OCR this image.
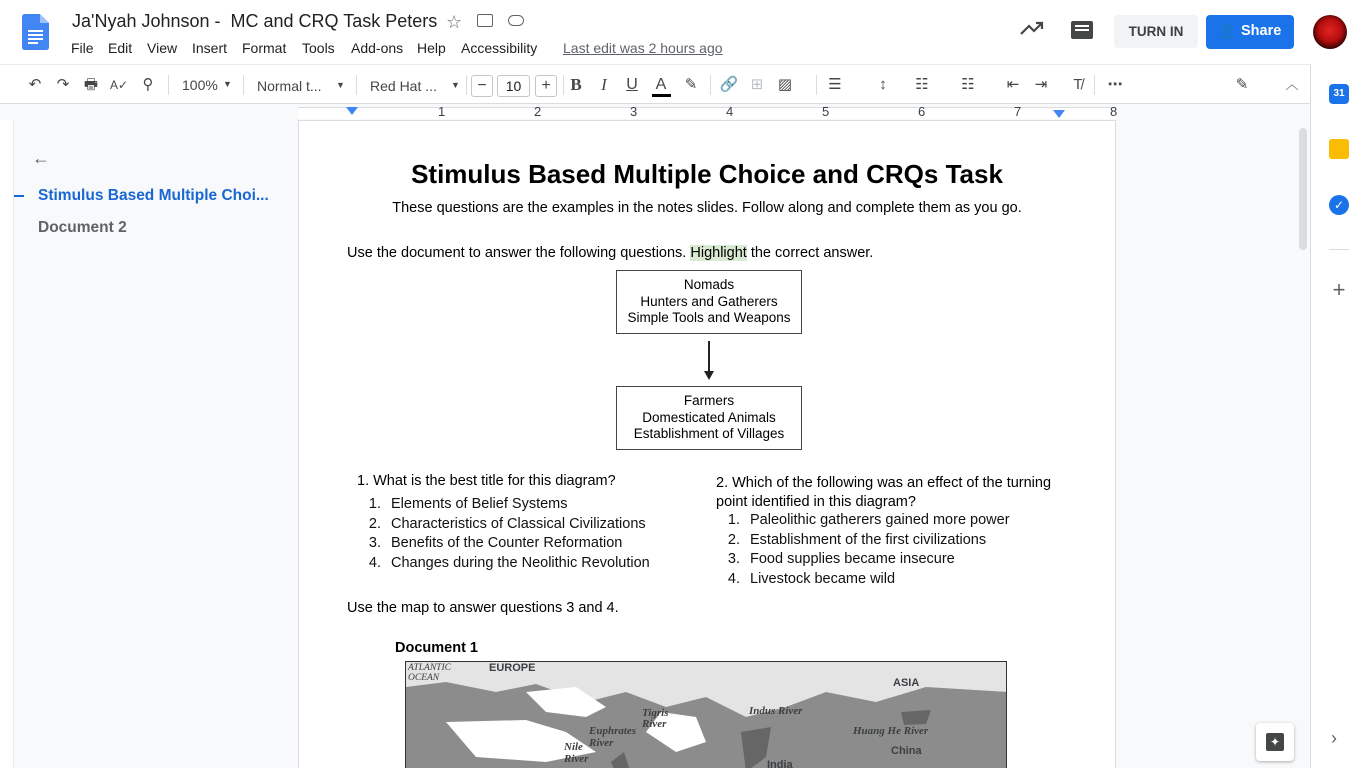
Ja'Nyah Johnson -  MC and CRQ Task Peters ☆
File Edit View Insert Format Tools Add-ons Help Accessibility Last edit was 2 hours ago
TURN IN	👤 Share
↶ ↷ 🖶 A✓ ⚲	100% ▼ Normal t... ▼ Red Hat ... ▼	−	10	+	B	I	U A	✎ 🔗 ⊞ ▨ ☰	↕	☷ ☷ ⇤ ⇥	T̸	⋯	✎	︿
1	2	3	4	5	6	7	8
←
Stimulus Based Multiple Choi...
Document 2
Stimulus Based Multiple Choice and CRQs Task
These questions are the examples in the notes slides. Follow along and complete them as you go.
Use the document to answer the following questions. Highlight the correct answer.
Nomads
Hunters and Gatherers
Simple Tools and Weapons
Farmers
Domesticated Animals
Establishment of Villages
1. What is the best title for this diagram?
1. Elements of Belief Systems
2. Characteristics of Classical Civilizations
3. Benefits of the Counter Reformation
4. Changes during the Neolithic Revolution
2. Which of the following was an effect of the turning point identified in this diagram?
1. Paleolithic gatherers gained more power
2. Establishment of the first civilizations
3. Food supplies became insecure
4. Livestock became wild
Use the map to answer questions 3 and 4.
Document 1
ATLANTIC OCEAN
EUROPE
ASIA
Tigris River
Euphrates River
Nile River
Indus River
Huang He River
India
China
✦
31
✓
+
›
